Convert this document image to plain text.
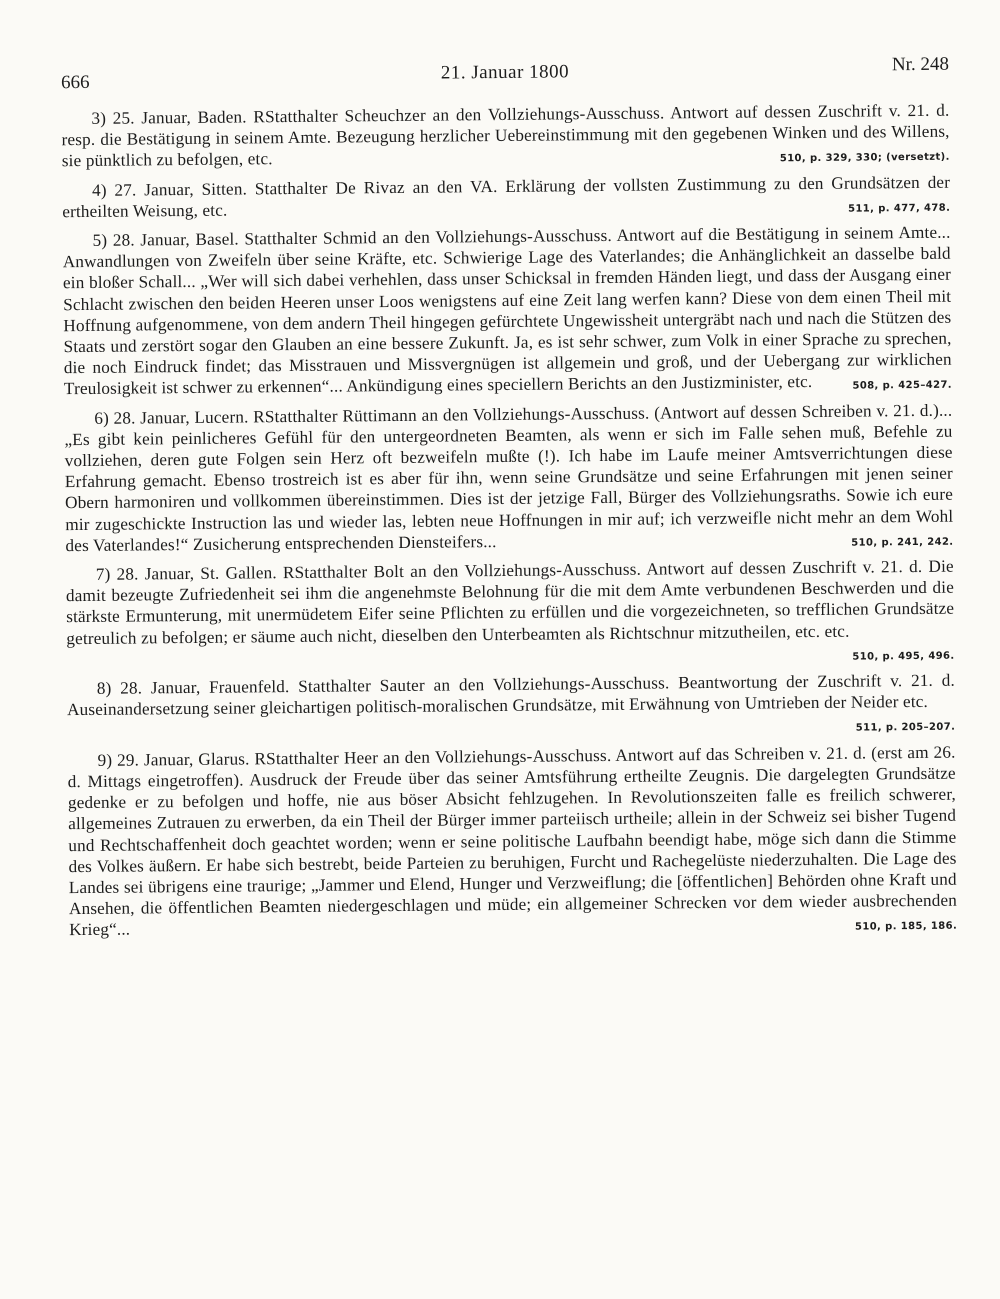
666	21. Januar 1800	Nr. 248

3) 25. Januar, Baden. RStatthalter Scheuchzer an den Vollziehungs-Ausschuss. Antwort auf dessen Zuschrift v. 21. d. resp. die Bestätigung in seinem Amte. Bezeugung herzlicher Uebereinstimmung mit den gegebenen Winken und des Willens, sie pünktlich zu befolgen, etc.	510, p. 329, 330; (versetzt).

4) 27. Januar, Sitten. Statthalter De Rivaz an den VA. Erklärung der vollsten Zustimmung zu den Grundsätzen der ertheilten Weisung, etc.	511, p. 477, 478.

5) 28. Januar, Basel. Statthalter Schmid an den Vollziehungs-Ausschuss. Antwort auf die Bestätigung in seinem Amte... Anwandlungen von Zweifeln über seine Kräfte, etc. Schwierige Lage des Vaterlandes; die Anhänglichkeit an dasselbe bald ein bloßer Schall... „Wer will sich dabei verhehlen, dass unser Schicksal in fremden Händen liegt, und dass der Ausgang einer Schlacht zwischen den beiden Heeren unser Loos wenigstens auf eine Zeit lang werfen kann? Diese von dem einen Theil mit Hoffnung aufgenommene, von dem andern Theil hingegen gefürchtete Ungewissheit untergräbt nach und nach die Stützen des Staats und zerstört sogar den Glauben an eine bessere Zukunft. Ja, es ist sehr schwer, zum Volk in einer Sprache zu sprechen, die noch Eindruck findet; das Misstrauen und Missvergnügen ist allgemein und groß, und der Uebergang zur wirklichen Treulosigkeit ist schwer zu erkennen“... Ankündigung eines speciellern Berichts an den Justizminister, etc.	508, p. 425–427.

6) 28. Januar, Lucern. RStatthalter Rüttimann an den Vollziehungs-Ausschuss. (Antwort auf dessen Schreiben v. 21. d.)... „Es gibt kein peinlicheres Gefühl für den untergeordneten Beamten, als wenn er sich im Falle sehen muß, Befehle zu vollziehen, deren gute Folgen sein Herz oft bezweifeln mußte (!). Ich habe im Laufe meiner Amtsverrichtungen diese Erfahrung gemacht. Ebenso trostreich ist es aber für ihn, wenn seine Grundsätze und seine Erfahrungen mit jenen seiner Obern harmoniren und vollkommen übereinstimmen. Dies ist der jetzige Fall, Bürger des Vollziehungsraths. Sowie ich eure mir zugeschickte Instruction las und wieder las, lebten neue Hoffnungen in mir auf; ich verzweifle nicht mehr an dem Wohl des Vaterlandes!“ Zusicherung entsprechenden Diensteifers...	510, p. 241, 242.

7) 28. Januar, St. Gallen. RStatthalter Bolt an den Vollziehungs-Ausschuss. Antwort auf dessen Zuschrift v. 21. d. Die damit bezeugte Zufriedenheit sei ihm die angenehmste Belohnung für die mit dem Amte verbundenen Beschwerden und die stärkste Ermunterung, mit unermüdetem Eifer seine Pflichten zu erfüllen und die vorgezeichneten, so trefflichen Grundsätze getreulich zu befolgen; er säume auch nicht, dieselben den Unterbeamten als Richtschnur mitzutheilen, etc. etc.
510, p. 495, 496.

8) 28. Januar, Frauenfeld. Statthalter Sauter an den Vollziehungs-Ausschuss. Beantwortung der Zuschrift v. 21. d. Auseinandersetzung seiner gleichartigen politisch-moralischen Grundsätze, mit Erwähnung von Umtrieben der Neider etc.
511, p. 205–207.

9) 29. Januar, Glarus. RStatthalter Heer an den Vollziehungs-Ausschuss. Antwort auf das Schreiben v. 21. d. (erst am 26. d. Mittags eingetroffen). Ausdruck der Freude über das seiner Amtsführung ertheilte Zeugnis. Die dargelegten Grundsätze gedenke er zu befolgen und hoffe, nie aus böser Absicht fehlzugehen. In Revolutionszeiten falle es freilich schwerer, allgemeines Zutrauen zu erwerben, da ein Theil der Bürger immer parteiisch urtheile; allein in der Schweiz sei bisher Tugend und Rechtschaffenheit doch geachtet worden; wenn er seine politische Laufbahn beendigt habe, möge sich dann die Stimme des Volkes äußern. Er habe sich bestrebt, beide Parteien zu beruhigen, Furcht und Rachegelüste niederzuhalten. Die Lage des Landes sei übrigens eine traurige; „Jammer und Elend, Hunger und Verzweiflung; die [öffentlichen] Behörden ohne Kraft und Ansehen, die öffentlichen Beamten niedergeschlagen und müde; ein allgemeiner Schrecken vor dem wieder ausbrechenden Krieg“...	510, p. 185, 186.
